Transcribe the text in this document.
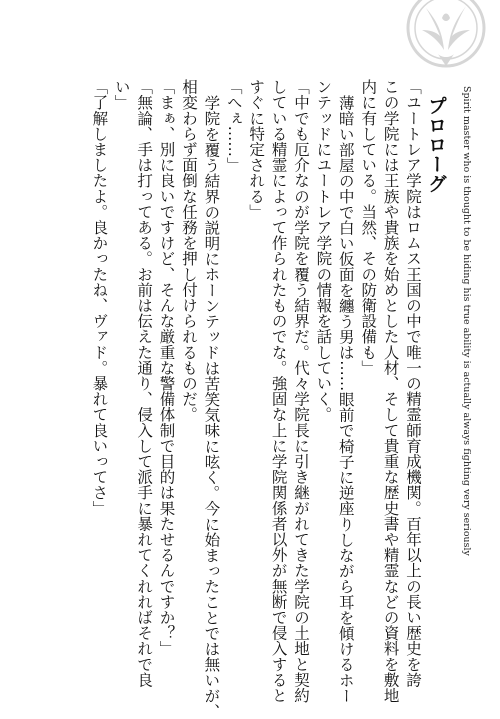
Spirit master who is thought to be hiding his true ability is actually always fighting very seriously
プロローグ

「ユートレア学院はロムス王国の中で唯一の精霊師育成機関。百年以上の長い歴史を誇

この学院には王族や貴族を始めとした人材、そして貴重な歴史書や精霊などの資料を敷地

内に有している。当然、その防衛設備も」

薄暗い部屋の中で白い仮面を纏う男は……眼前で椅子に逆座りしながら耳を傾けるホー

ンテッドにユートレア学院の情報を話していく。

「中でも厄介なのが学院を覆う結界だ。代々学院長に引き継がれてきた学院の土地と契約

している精霊によって作られたものでな。強固な上に学院関係者以外が無断で侵入すると

すぐに特定される」

「へぇ……」

学院を覆う結界の説明にホーンテッドは苦笑気味に呟く。今に始まったことでは無いが、

相変わらず面倒な任務を押し付けられるものだ。

「まぁ、別に良いですけど、そんな厳重な警備体制で目的は果たせるんですか？」

「無論、手は打ってある。お前は伝えた通り、侵入して派手に暴れてくれればそれで良

い」

「了解しましたよ。良かったね、ヴァド。暴れて良いってさ」
